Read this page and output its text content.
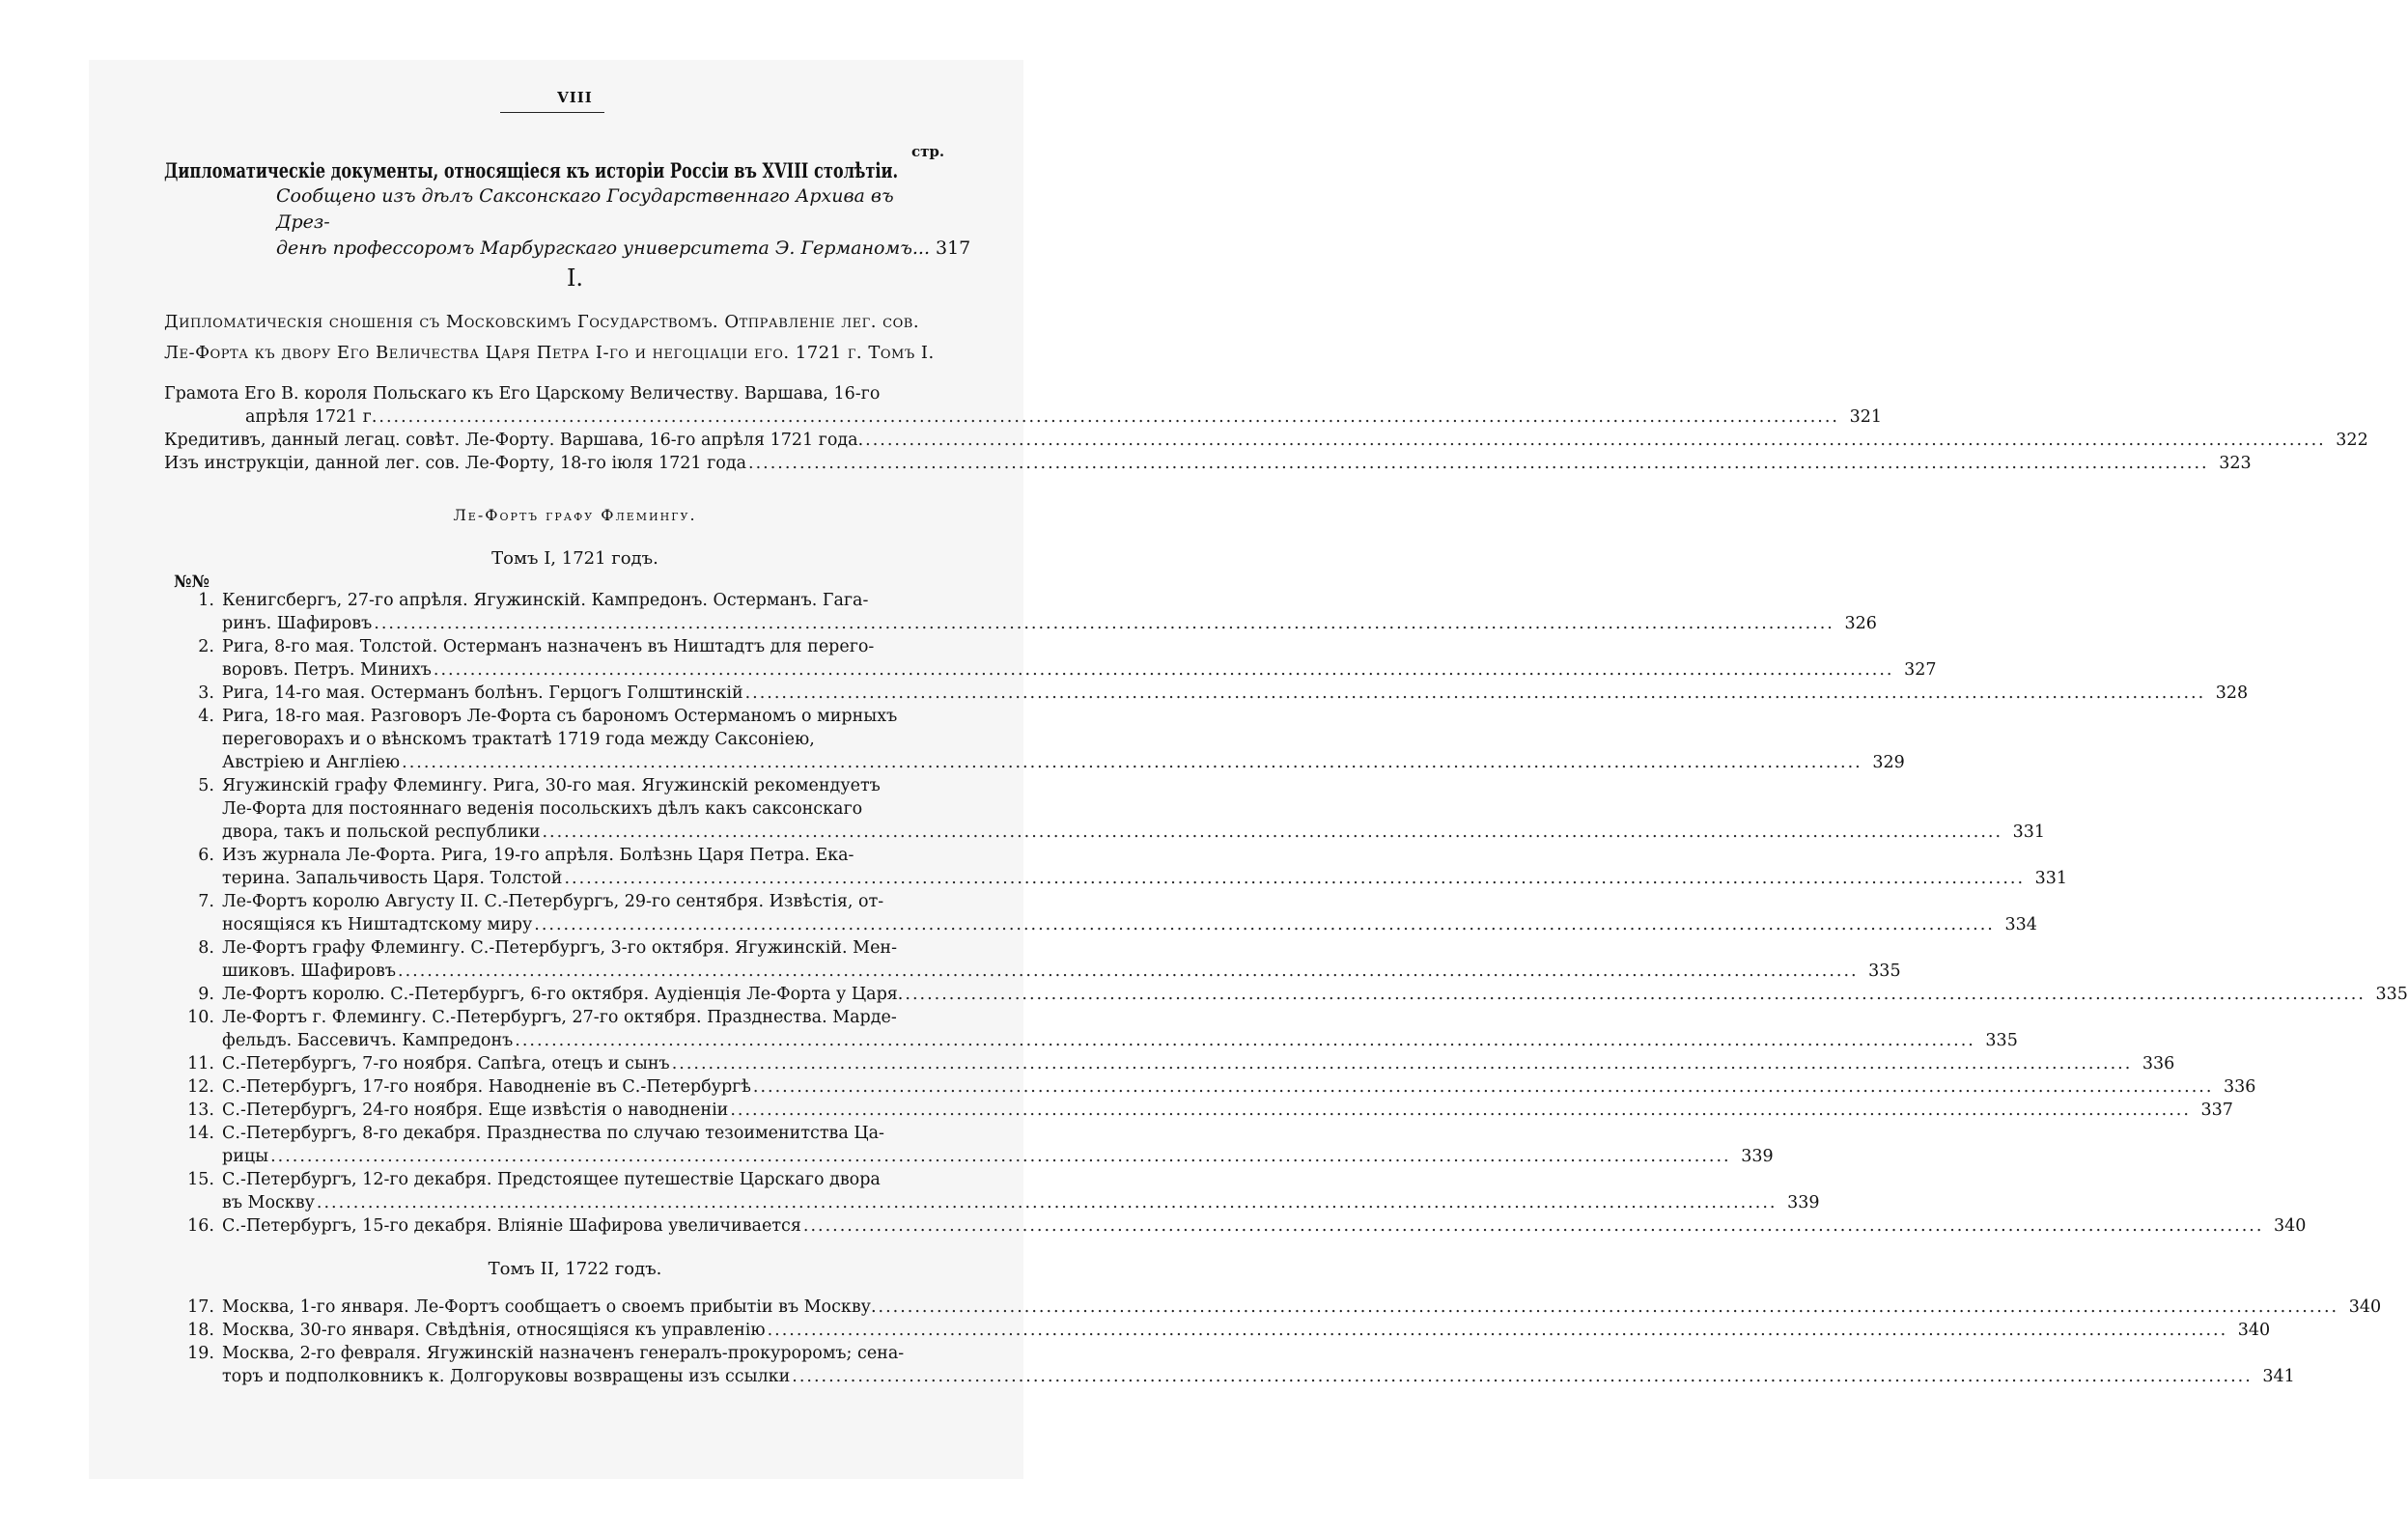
VIII
стр.
Дипломатическіе документы, относящіеся къ исторіи Россіи въ XVIII столѣтіи.
Сообщено изъ дѣлъ Саксонскаго Государственнаго Архива въ Дрез-
денѣ профессоромъ Марбургскаго университета Э. Германомъ... 317
I.
Дипломатическія сношенія съ Московскимъ Государствомъ. Отправленіе лег. сов.
Ле-Форта къ двору Его Величества Царя Петра I-го и негоціаціи его. 1721 г. Томъ I.
Грамота Его В. короля Польскаго къ Его Царскому Величеству. Варшава, 16-го
апрѣля 1721 г. ........................................................................................................................................................................................................ 321
Кредитивъ, данный легац. совѣт. Ле-Форту. Варшава, 16-го апрѣля 1721 года. ........................................................................................................................................................................................................ 322
Изъ инструкціи, данной лег. сов. Ле-Форту, 18-го іюля 1721 года ........................................................................................................................................................................................................ 323
Ле-Фортъ графу Флемингу.
Томъ I, 1721 годъ.
№№
1. Кенигсбергъ, 27-го апрѣля. Ягужинскій. Кампредонъ. Остерманъ. Гага-
ринъ. Шафировъ ........................................................................................................................................................................................................ 326
2. Рига, 8-го мая. Толстой. Остерманъ назначенъ въ Ништадтъ для перего-
воровъ. Петръ. Минихъ ........................................................................................................................................................................................................ 327
3. Рига, 14-го мая. Остерманъ болѣнъ. Герцогъ Голштинскій ........................................................................................................................................................................................................ 328
4. Рига, 18-го мая. Разговоръ Ле-Форта съ барономъ Остерманомъ о мирныхъ
переговорахъ и о вѣнскомъ трактатѣ 1719 года между Саксоніею,
Австріею и Англіею ........................................................................................................................................................................................................ 329
5. Ягужинскій графу Флемингу. Рига, 30-го мая. Ягужинскій рекомендуетъ
Ле-Форта для постояннаго веденія посольскихъ дѣлъ какъ саксонскаго
двора, такъ и польской республики ........................................................................................................................................................................................................ 331
6. Изъ журнала Ле-Форта. Рига, 19-го апрѣля. Болѣзнь Царя Петра. Ека-
терина. Запальчивость Царя. Толстой ........................................................................................................................................................................................................ 331
7. Ле-Фортъ королю Августу II. С.-Петербургъ, 29-го сентября. Извѣстія, от-
носящіяся къ Ништадтскому миру ........................................................................................................................................................................................................ 334
8. Ле-Фортъ графу Флемингу. С.-Петербургъ, 3-го октября. Ягужинскій. Мен-
шиковъ. Шафировъ ........................................................................................................................................................................................................ 335
9. Ле-Фортъ королю. С.-Петербургъ, 6-го октября. Аудіенція Ле-Форта у Царя. ........................................................................................................................................................................................................ 335
10. Ле-Фортъ г. Флемингу. С.-Петербургъ, 27-го октября. Празднества. Марде-
фельдъ. Бассевичъ. Кампредонъ ........................................................................................................................................................................................................ 335
11. С.-Петербургъ, 7-го ноября. Сапѣга, отецъ и сынъ ........................................................................................................................................................................................................ 336
12. С.-Петербургъ, 17-го ноября. Наводненіе въ С.-Петербургѣ ........................................................................................................................................................................................................ 336
13. С.-Петербургъ, 24-го ноября. Еще извѣстія о наводненіи ........................................................................................................................................................................................................ 337
14. С.-Петербургъ, 8-го декабря. Празднества по случаю тезоименитства Ца-
рицы ........................................................................................................................................................................................................ 339
15. С.-Петербургъ, 12-го декабря. Предстоящее путешествіе Царскаго двора
въ Москву ........................................................................................................................................................................................................ 339
16. С.-Петербургъ, 15-го декабря. Вліяніе Шафирова увеличивается ........................................................................................................................................................................................................ 340
Томъ II, 1722 годъ.
17. Москва, 1-го января. Ле-Фортъ сообщаетъ о своемъ прибытіи въ Москву. ........................................................................................................................................................................................................ 340
18. Москва, 30-го января. Свѣдѣнія, относящіяся къ управленію ........................................................................................................................................................................................................ 340
19. Москва, 2-го февраля. Ягужинскій назначенъ генералъ-прокуроромъ; сена-
торъ и подполковникъ к. Долгоруковы возвращены изъ ссылки ........................................................................................................................................................................................................ 341
